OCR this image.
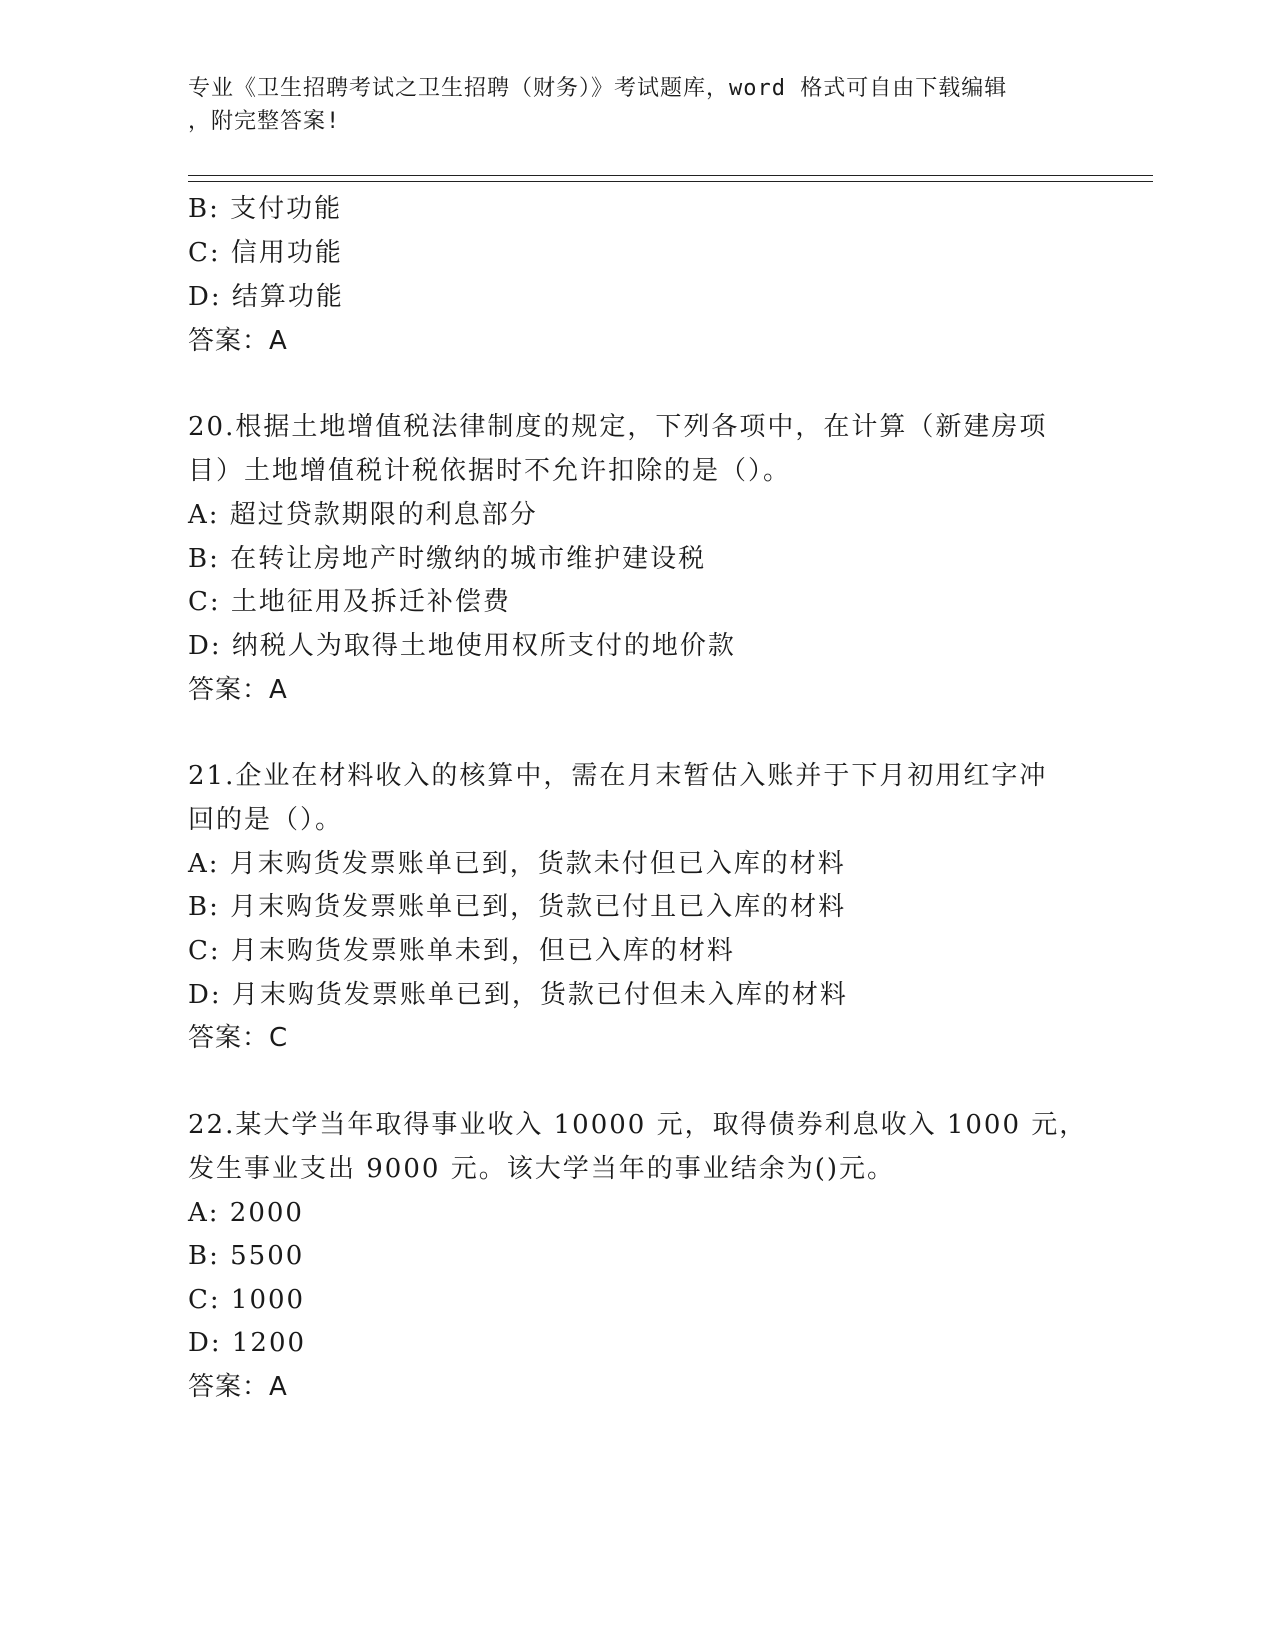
专业《卫生招聘考试之卫生招聘（财务）》考试题库，word 格式可自由下载编辑
，附完整答案!
B: 支付功能
C: 信用功能
D: 结算功能
答案：A
20.根据土地增值税法律制度的规定，下列各项中，在计算（新建房项
目）土地增值税计税依据时不允许扣除的是（）。
A: 超过贷款期限的利息部分
B: 在转让房地产时缴纳的城市维护建设税
C: 土地征用及拆迁补偿费
D: 纳税人为取得土地使用权所支付的地价款
答案：A
21.企业在材料收入的核算中，需在月末暂估入账并于下月初用红字冲
回的是（）。
A: 月末购货发票账单已到，货款未付但已入库的材料
B: 月末购货发票账单已到，货款已付且已入库的材料
C: 月末购货发票账单未到，但已入库的材料
D: 月末购货发票账单已到，货款已付但未入库的材料
答案：C
22.某大学当年取得事业收入 10000 元，取得债券利息收入 1000 元，
发生事业支出 9000 元。该大学当年的事业结余为()元。
A: 2000
B: 5500
C: 1000
D: 1200
答案：A
